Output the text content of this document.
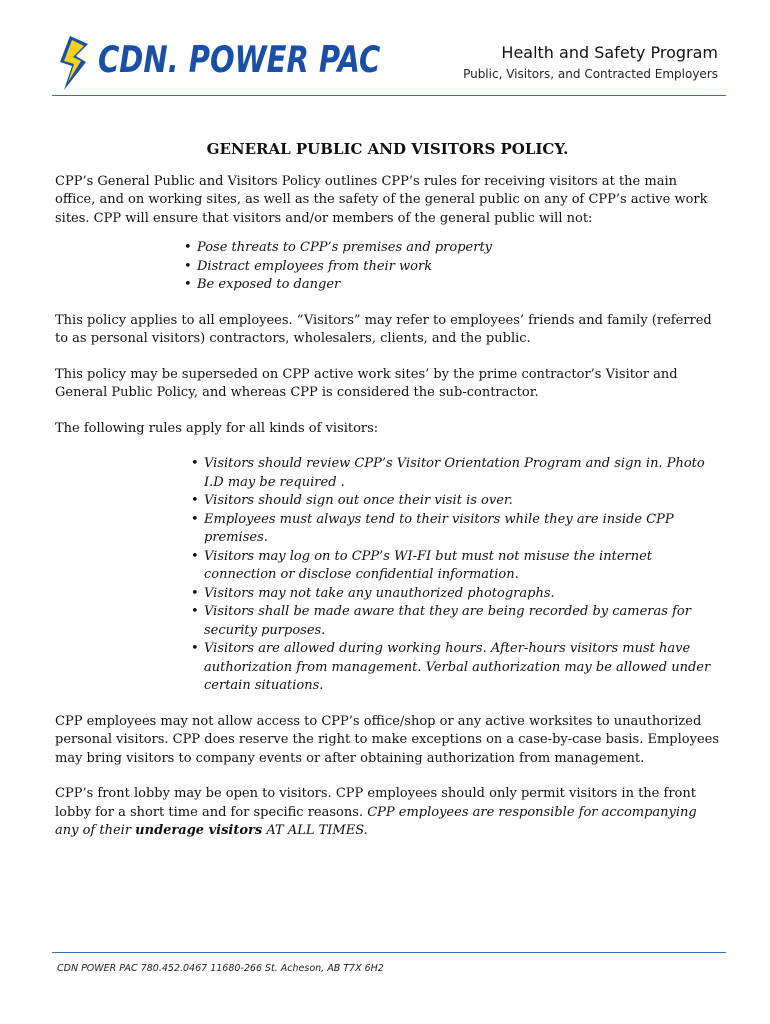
CDN. POWER PAC	Health and Safety Program
Public, Visitors, and Contracted Employers
GENERAL PUBLIC AND VISITORS POLICY.

CPP’s General Public and Visitors Policy outlines CPP’s rules for receiving visitors at the main office, and on working sites, as well as the safety of the general public on any of CPP’s active work sites. CPP will ensure that visitors and/or members of the general public will not:

• Pose threats to CPP’s premises and property
• Distract employees from their work
• Be exposed to danger

This policy applies to all employees. “Visitors” may refer to employees’ friends and family (referred to as personal visitors) contractors, wholesalers, clients, and the public.

This policy may be superseded on CPP active work sites’ by the prime contractor’s Visitor and General Public Policy, and whereas CPP is considered the sub-contractor.

The following rules apply for all kinds of visitors:

• Visitors should review CPP’s Visitor Orientation Program and sign in. Photo I.D may be required .
• Visitors should sign out once their visit is over.
• Employees must always tend to their visitors while they are inside CPP premises.
• Visitors may log on to CPP’s WI-FI but must not misuse the internet connection or disclose confidential information.
• Visitors may not take any unauthorized photographs.
• Visitors shall be made aware that they are being recorded by cameras for security purposes.
• Visitors are allowed during working hours. After-hours visitors must have authorization from management. Verbal authorization may be allowed under certain situations.

CPP employees may not allow access to CPP’s office/shop or any active worksites to unauthorized personal visitors. CPP does reserve the right to make exceptions on a case-by-case basis. Employees may bring visitors to company events or after obtaining authorization from management.

CPP’s front lobby may be open to visitors. CPP employees should only permit visitors in the front lobby for a short time and for specific reasons. CPP employees are responsible for accompanying any of their underage visitors AT ALL TIMES.

CDN POWER PAC 780.452.0467 11680-266 St. Acheson, AB T7X 6H2
